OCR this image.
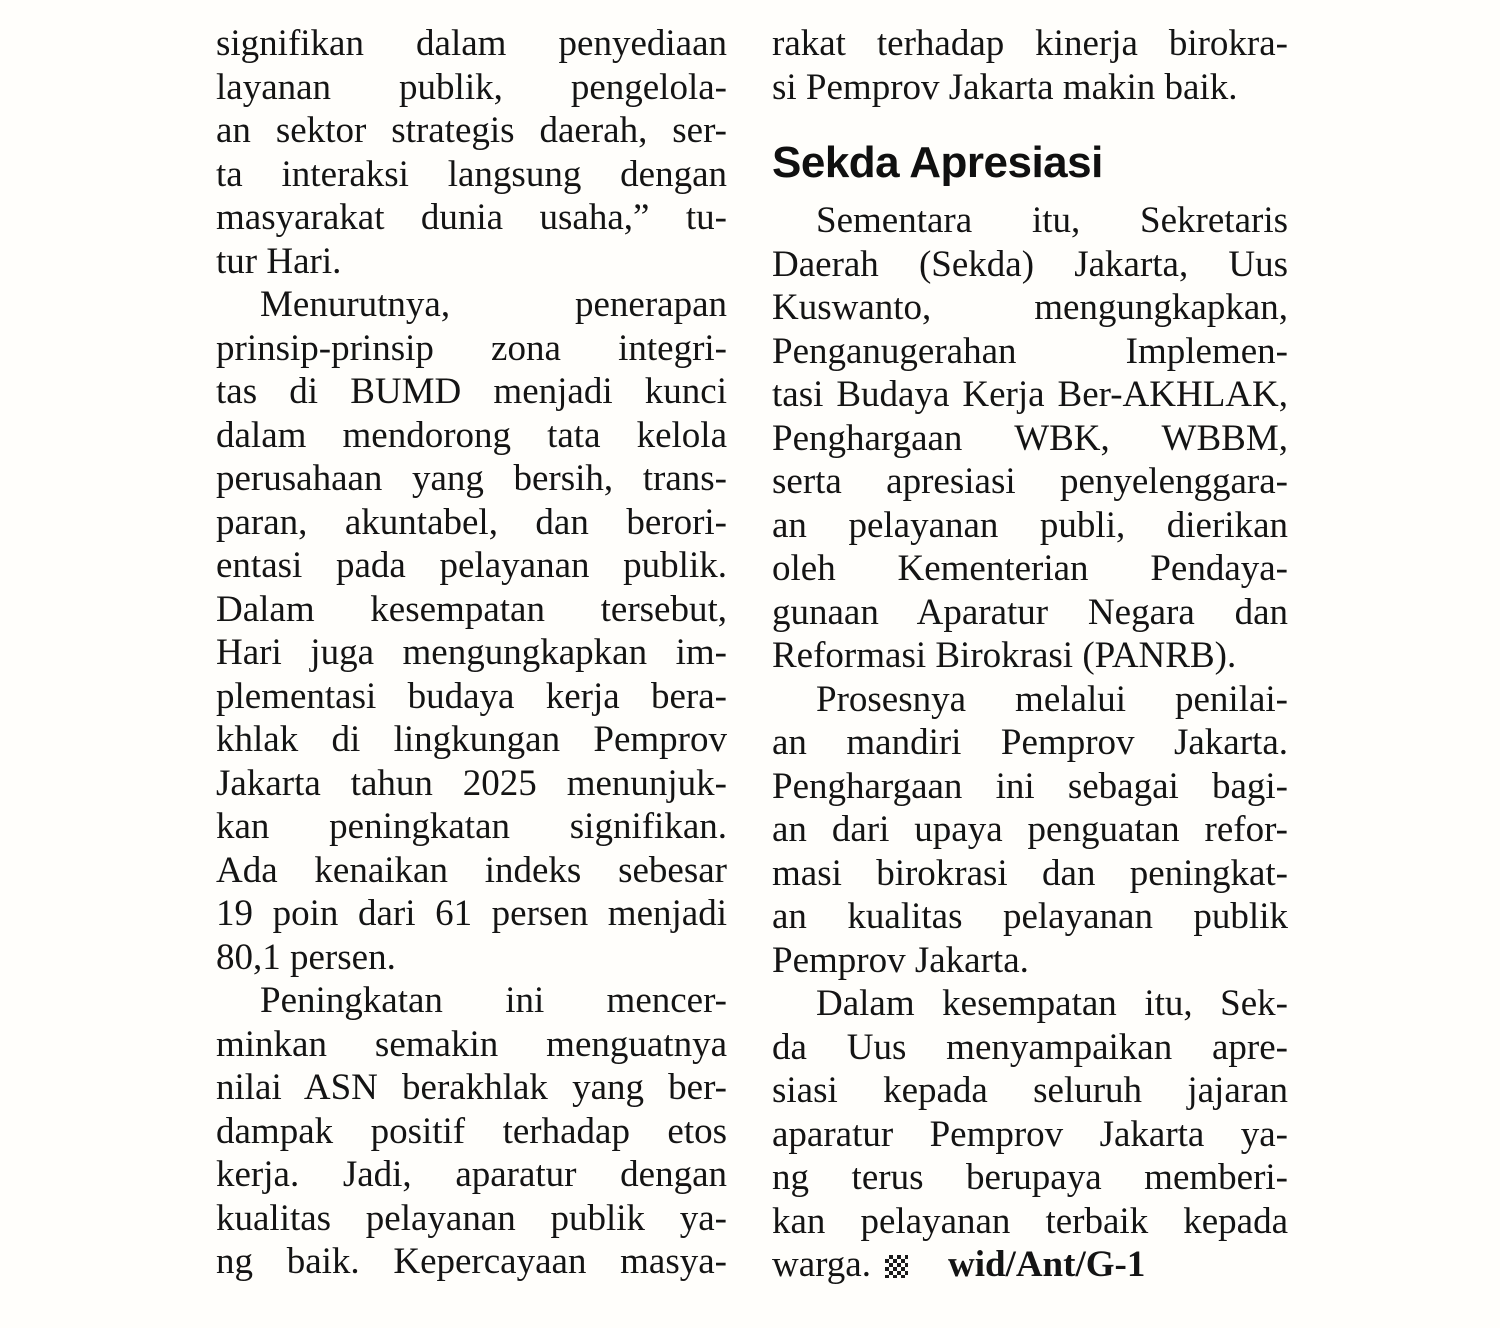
signifikan dalam penyediaan
layanan publik, pengelola-
an sektor strategis daerah, ser-
ta interaksi langsung dengan
masyarakat dunia usaha,” tu-
tur Hari.
Menurutnya, penerapan
prinsip-prinsip zona integri-
tas di BUMD menjadi kunci
dalam mendorong tata kelola
perusahaan yang bersih, trans-
paran, akuntabel, dan berori-
entasi pada pelayanan publik.
Dalam kesempatan tersebut,
Hari juga mengungkapkan im-
plementasi budaya kerja bera-
khlak di lingkungan Pemprov
Jakarta tahun 2025 menunjuk-
kan peningkatan signifikan.
Ada kenaikan indeks sebesar
19 poin dari 61 persen menjadi
80,1 persen.
Peningkatan ini mencer-
minkan semakin menguatnya
nilai ASN berakhlak yang ber-
dampak positif terhadap etos
kerja. Jadi, aparatur dengan
kualitas pelayanan publik ya-
ng baik. Kepercayaan masya-
rakat terhadap kinerja birokra-
si Pemprov Jakarta makin baik.
Sekda Apresiasi
Sementara itu, Sekretaris
Daerah (Sekda) Jakarta, Uus
Kuswanto, mengungkapkan,
Penganugerahan Implemen-
tasi Budaya Kerja Ber-AKHLAK,
Penghargaan WBK, WBBM,
serta apresiasi penyelenggara-
an pelayanan publi, dierikan
oleh Kementerian Pendaya-
gunaan Aparatur Negara dan
Reformasi Birokrasi (PANRB).
Prosesnya melalui penilai-
an mandiri Pemprov Jakarta.
Penghargaan ini sebagai bagi-
an dari upaya penguatan refor-
masi birokrasi dan peningkat-
an kualitas pelayanan publik
Pemprov Jakarta.
Dalam kesempatan itu, Sek-
da Uus menyampaikan apre-
siasi kepada seluruh jajaran
aparatur Pemprov Jakarta ya-
ng terus berupaya memberi-
kan pelayanan terbaik kepada
warga. wid/Ant/G-1
